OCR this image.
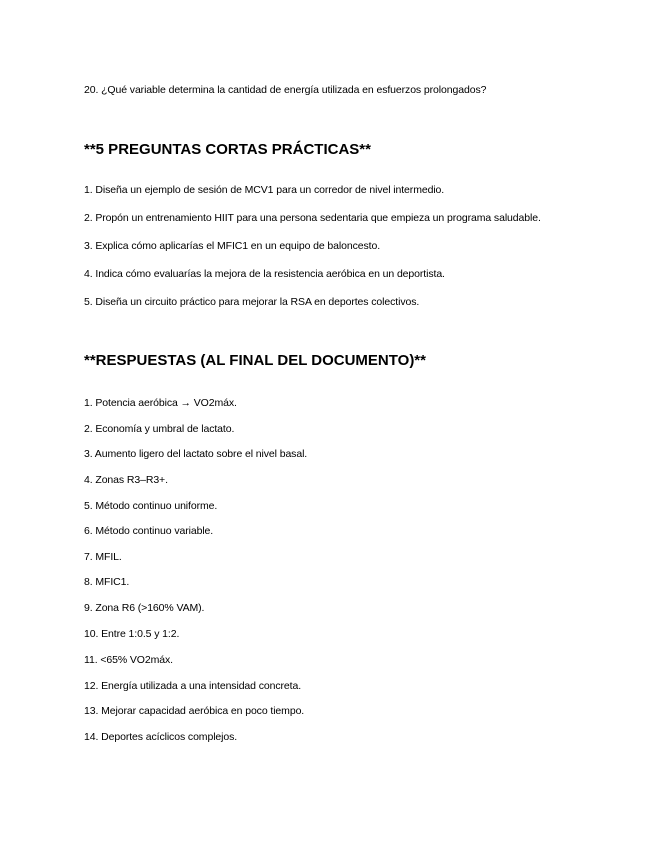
20. ¿Qué variable determina la cantidad de energía utilizada en esfuerzos prolongados?
**5 PREGUNTAS CORTAS PRÁCTICAS**
1. Diseña un ejemplo de sesión de MCV1 para un corredor de nivel intermedio.
2. Propón un entrenamiento HIIT para una persona sedentaria que empieza un programa saludable.
3. Explica cómo aplicarías el MFIC1 en un equipo de baloncesto.
4. Indica cómo evaluarías la mejora de la resistencia aeróbica en un deportista.
5. Diseña un circuito práctico para mejorar la RSA en deportes colectivos.
**RESPUESTAS (AL FINAL DEL DOCUMENTO)**
1. Potencia aeróbica → VO2máx.
2. Economía y umbral de lactato.
3. Aumento ligero del lactato sobre el nivel basal.
4. Zonas R3–R3+.
5. Método continuo uniforme.
6. Método continuo variable.
7. MFIL.
8. MFIC1.
9. Zona R6 (>160% VAM).
10. Entre 1:0.5 y 1:2.
11. <65% VO2máx.
12. Energía utilizada a una intensidad concreta.
13. Mejorar capacidad aeróbica en poco tiempo.
14. Deportes acíclicos complejos.
